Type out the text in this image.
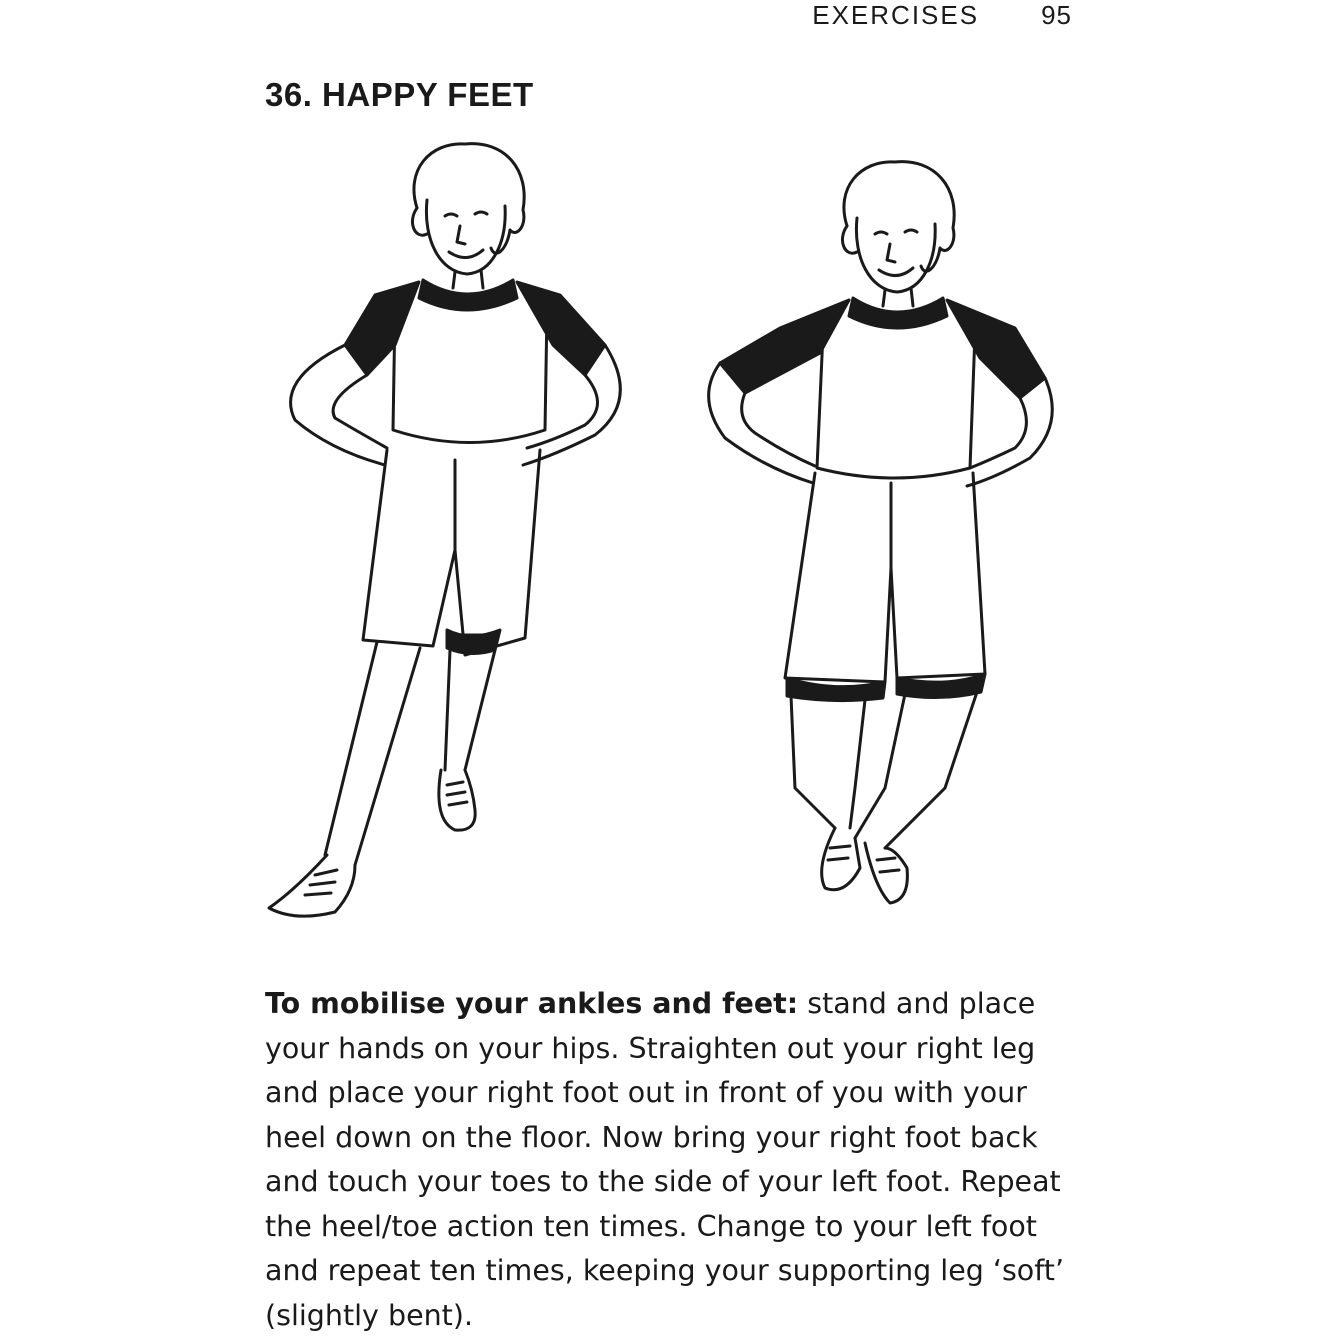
EXERCISES 95
36. HAPPY FEET

To mobilise your ankles and feet: stand and place your hands on your hips. Straighten out your right leg and place your right foot out in front of you with your heel down on the floor. Now bring your right foot back and touch your toes to the side of your left foot. Repeat the heel/toe action ten times. Change to your left foot and repeat ten times, keeping your supporting leg ‘soft’ (slightly bent).
